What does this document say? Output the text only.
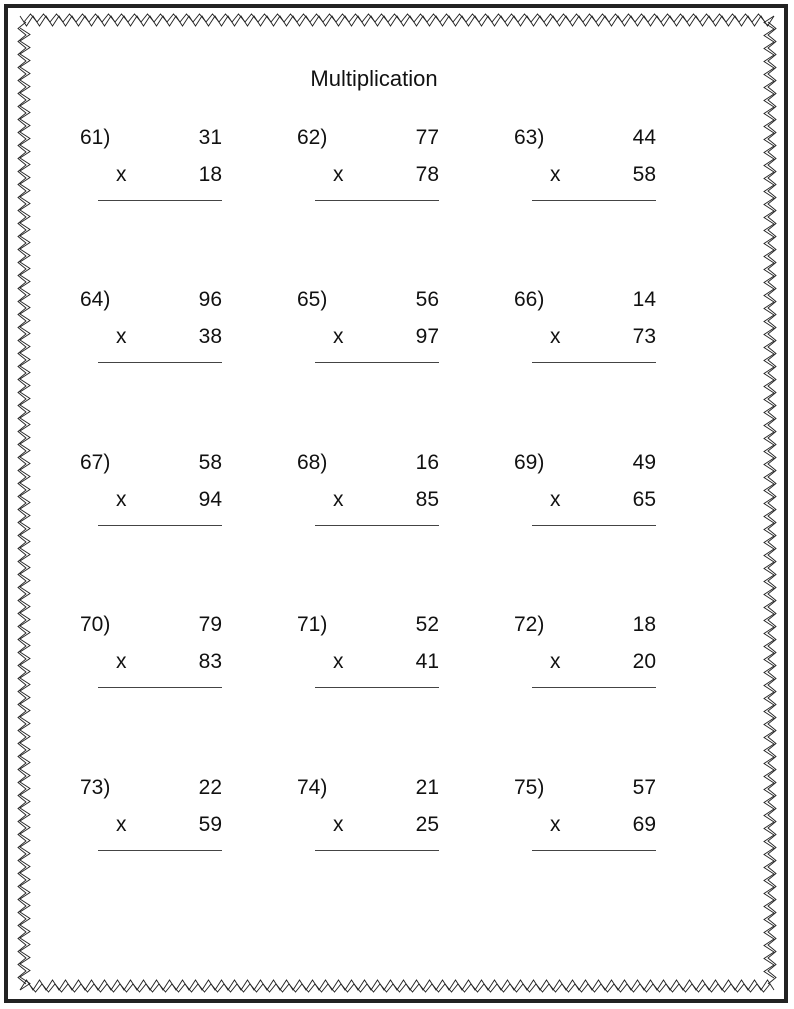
Multiplication
61)	31
x	18
62)	77
x	78
63)	44
x	58
64)	96
x	38
65)	56
x	97
66)	14
x	73
67)	58
x	94
68)	16
x	85
69)	49
x	65
70)	79
x	83
71)	52
x	41
72)	18
x	20
73)	22
x	59
74)	21
x	25
75)	57
x	69
